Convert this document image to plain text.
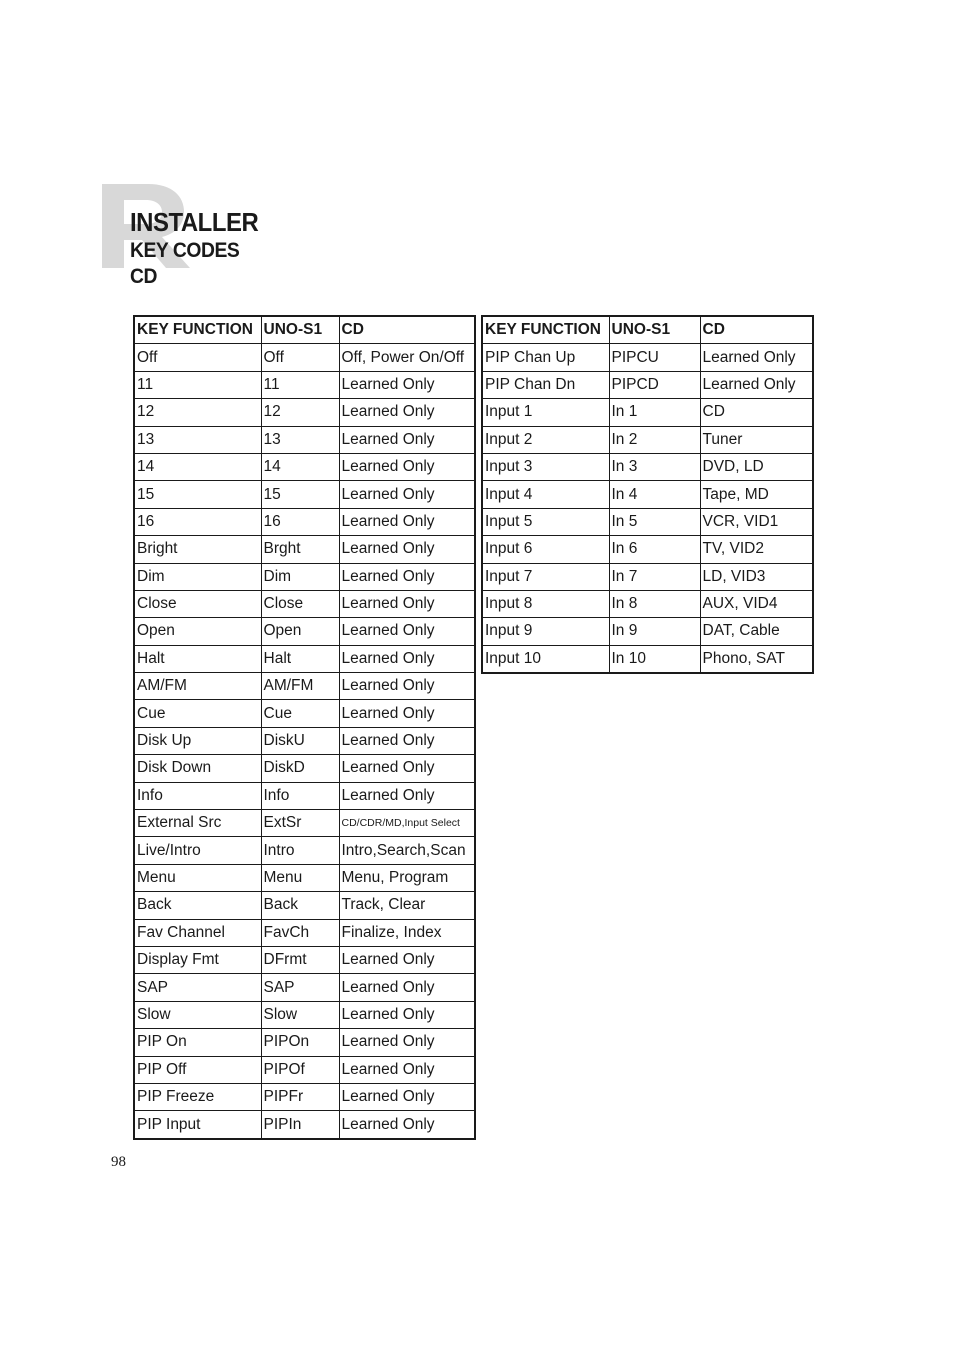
INSTALLER
KEY CODES
CD
KEY FUNCTION	UNO-S1	CD
Off	Off	Off, Power On/Off
11	11	Learned Only
12	12	Learned Only
13	13	Learned Only
14	14	Learned Only
15	15	Learned Only
16	16	Learned Only
Bright	Brght	Learned Only
Dim	Dim	Learned Only
Close	Close	Learned Only
Open	Open	Learned Only
Halt	Halt	Learned Only
AM/FM	AM/FM	Learned Only
Cue	Cue	Learned Only
Disk Up	DiskU	Learned Only
Disk Down	DiskD	Learned Only
Info	Info	Learned Only
External Src	ExtSr	CD/CDR/MD,Input Select
Live/Intro	Intro	Intro,Search,Scan
Menu	Menu	Menu, Program
Back	Back	Track, Clear
Fav Channel	FavCh	Finalize, Index
Display Fmt	DFrmt	Learned Only
SAP	SAP	Learned Only
Slow	Slow	Learned Only
PIP On	PIPOn	Learned Only
PIP Off	PIPOf	Learned Only
PIP Freeze	PIPFr	Learned Only
PIP Input	PIPIn	Learned Only
KEY FUNCTION	UNO-S1	CD
PIP Chan Up	PIPCU	Learned Only
PIP Chan Dn	PIPCD	Learned Only
Input 1	In 1	CD
Input 2	In 2	Tuner
Input 3	In 3	DVD, LD
Input 4	In 4	Tape, MD
Input 5	In 5	VCR, VID1
Input 6	In 6	TV, VID2
Input 7	In 7	LD, VID3
Input 8	In 8	AUX, VID4
Input 9	In 9	DAT, Cable
Input 10	In 10	Phono, SAT
98
